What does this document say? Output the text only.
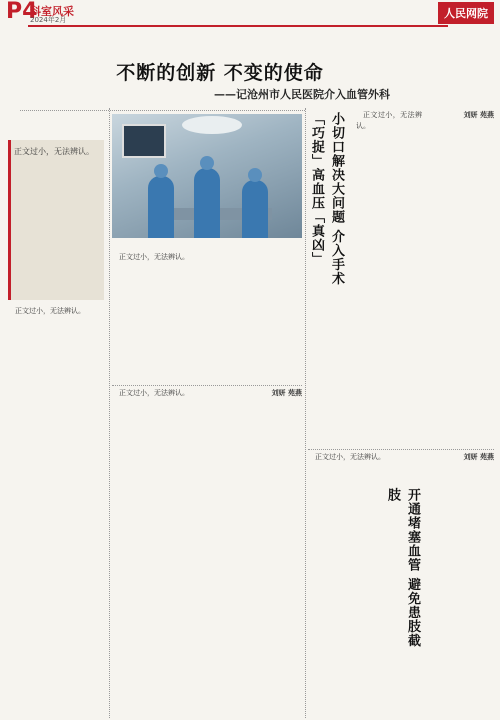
P4
科室风采
2024年2月	人民网院
不断的创新 不变的使命
——记沧州市人民医院介入血管外科
正文过小，无法辨认。

正文过小，无法辨认。

正文过小，无法辨认。

正文过小，无法辨认。	刘妍 苑燕
小切口解决大问题 介入手术「巧捉」高血压「真凶」	正文过小，无法辨认。

刘妍 苑燕
开通堵塞血管 避免患肢截肢

正文过小，无法辨认。	刘妍 苑燕
